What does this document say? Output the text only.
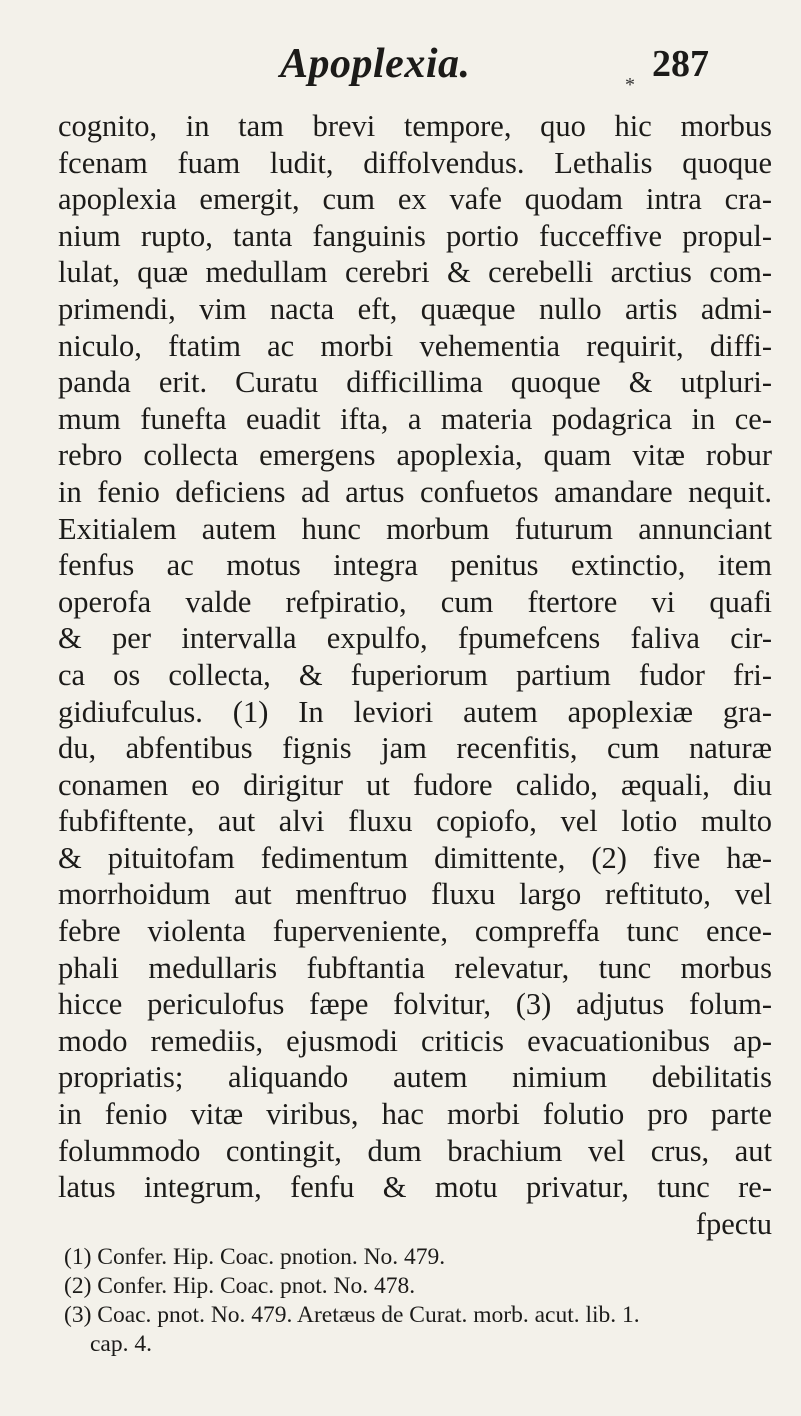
Apoplexia.	287
*
cognito, in tam brevi tempore, quo hic morbus
fcenam fuam ludit, diffolvendus. Lethalis quoque
apoplexia emergit, cum ex vafe quodam intra cra-
nium rupto, tanta fanguinis portio fucceffive propul-
lulat, quæ medullam cerebri & cerebelli arctius com-
primendi, vim nacta eft, quæque nullo artis admi-
niculo, ftatim ac morbi vehementia requirit, diffi-
panda erit. Curatu difficillima quoque & utpluri-
mum funefta euadit ifta, a materia podagrica in ce-
rebro collecta emergens apoplexia, quam vitæ robur
in fenio deficiens ad artus confuetos amandare nequit.
Exitialem autem hunc morbum futurum annunciant
fenfus ac motus integra penitus extinctio, item
operofa valde refpiratio, cum ftertore vi quafi
& per intervalla expulfo, fpumefcens faliva cir-
ca os collecta, & fuperiorum partium fudor fri-
gidiufculus. (1) In leviori autem apoplexiæ gra-
du, abfentibus fignis jam recenfitis, cum naturæ
conamen eo dirigitur ut fudore calido, æquali, diu
fubfiftente, aut alvi fluxu copiofo, vel lotio multo
& pituitofam fedimentum dimittente, (2) five hæ-
morrhoidum aut menftruo fluxu largo reftituto, vel
febre violenta fuperveniente, compreffa tunc ence-
phali medullaris fubftantia relevatur, tunc morbus
hicce periculofus fæpe folvitur, (3) adjutus folum-
modo remediis, ejusmodi criticis evacuationibus ap-
propriatis; aliquando autem nimium debilitatis
in fenio vitæ viribus, hac morbi folutio pro parte
folummodo contingit, dum brachium vel crus, aut
latus integrum, fenfu & motu privatur, tunc re-
fpectu
(1) Confer. Hip. Coac. pnotion. No. 479.
(2) Confer. Hip. Coac. pnot. No. 478.
(3) Coac. pnot. No. 479. Aretæus de Curat. morb. acut. lib. 1.
cap. 4.
